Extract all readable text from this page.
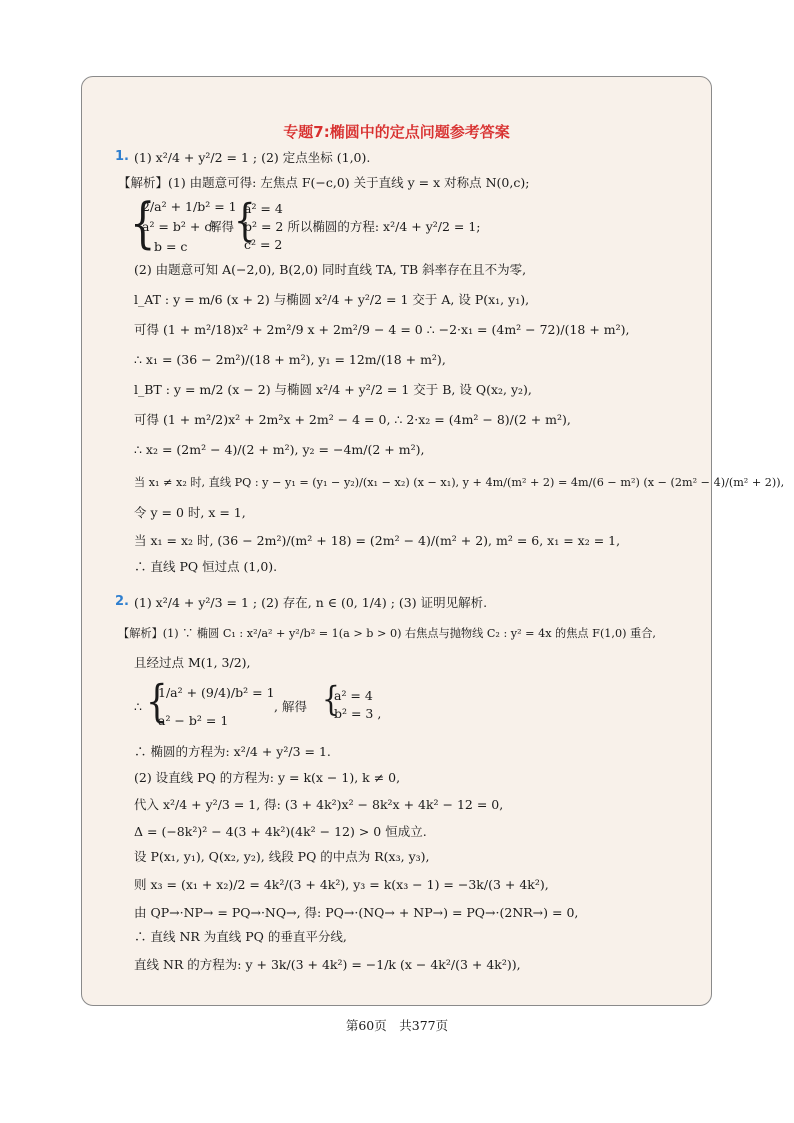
专题7:椭圆中的定点问题参考答案
1. (1) x²/4 + y²/2 = 1 ; (2) 定点坐标 (1,0).
【解析】(1) 由题意可得: 左焦点 F(−c,0) 关于直线 y = x 对称点 N(0,c);
{
2/a² + 1/b² = 1
a² = b² + c²
b = c
解得 {
a² = 4
b² = 2 所以椭圆的方程: x²/4 + y²/2 = 1;
c² = 2
(2) 由题意可知 A(−2,0), B(2,0) 同时直线 TA, TB 斜率存在且不为零,
l_AT : y = m/6 (x + 2) 与椭圆 x²/4 + y²/2 = 1 交于 A, 设 P(x₁, y₁),
可得 (1 + m²/18)x² + 2m²/9 x + 2m²/9 − 4 = 0 ∴ −2·x₁ = (4m² − 72)/(18 + m²),
∴ x₁ = (36 − 2m²)/(18 + m²), y₁ = 12m/(18 + m²),
l_BT : y = m/2 (x − 2) 与椭圆 x²/4 + y²/2 = 1 交于 B, 设 Q(x₂, y₂),
可得 (1 + m²/2)x² + 2m²x + 2m² − 4 = 0, ∴ 2·x₂ = (4m² − 8)/(2 + m²),
∴ x₂ = (2m² − 4)/(2 + m²), y₂ = −4m/(2 + m²),
当 x₁ ≠ x₂ 时, 直线 PQ : y − y₁ = (y₁ − y₂)/(x₁ − x₂) (x − x₁), y + 4m/(m² + 2) = 4m/(6 − m²) (x − (2m² − 4)/(m² + 2)),
令 y = 0 时, x = 1,
当 x₁ = x₂ 时, (36 − 2m²)/(m² + 18) = (2m² − 4)/(m² + 2), m² = 6, x₁ = x₂ = 1,
∴ 直线 PQ 恒过点 (1,0).
2. (1) x²/4 + y²/3 = 1 ; (2) 存在, n ∈ (0, 1/4) ; (3) 证明见解析.
【解析】(1) ∵ 椭圆 C₁ : x²/a² + y²/b² = 1(a > b > 0) 右焦点与抛物线 C₂ : y² = 4x 的焦点 F(1,0) 重合,
且经过点 M(1, 3/2),
∴ {
1/a² + (9/4)/b² = 1
a² − b² = 1
, 解得 {
a² = 4
b² = 3 ,
∴ 椭圆的方程为: x²/4 + y²/3 = 1.
(2) 设直线 PQ 的方程为: y = k(x − 1), k ≠ 0,
代入 x²/4 + y²/3 = 1, 得: (3 + 4k²)x² − 8k²x + 4k² − 12 = 0,
Δ = (−8k²)² − 4(3 + 4k²)(4k² − 12) > 0 恒成立.
设 P(x₁, y₁), Q(x₂, y₂), 线段 PQ 的中点为 R(x₃, y₃),
则 x₃ = (x₁ + x₂)/2 = 4k²/(3 + 4k²), y₃ = k(x₃ − 1) = −3k/(3 + 4k²),
由 QP→·NP→ = PQ→·NQ→, 得: PQ→·(NQ→ + NP→) = PQ→·(2NR→) = 0,
∴ 直线 NR 为直线 PQ 的垂直平分线,
直线 NR 的方程为: y + 3k/(3 + 4k²) = −1/k (x − 4k²/(3 + 4k²)),
第60页　共377页
